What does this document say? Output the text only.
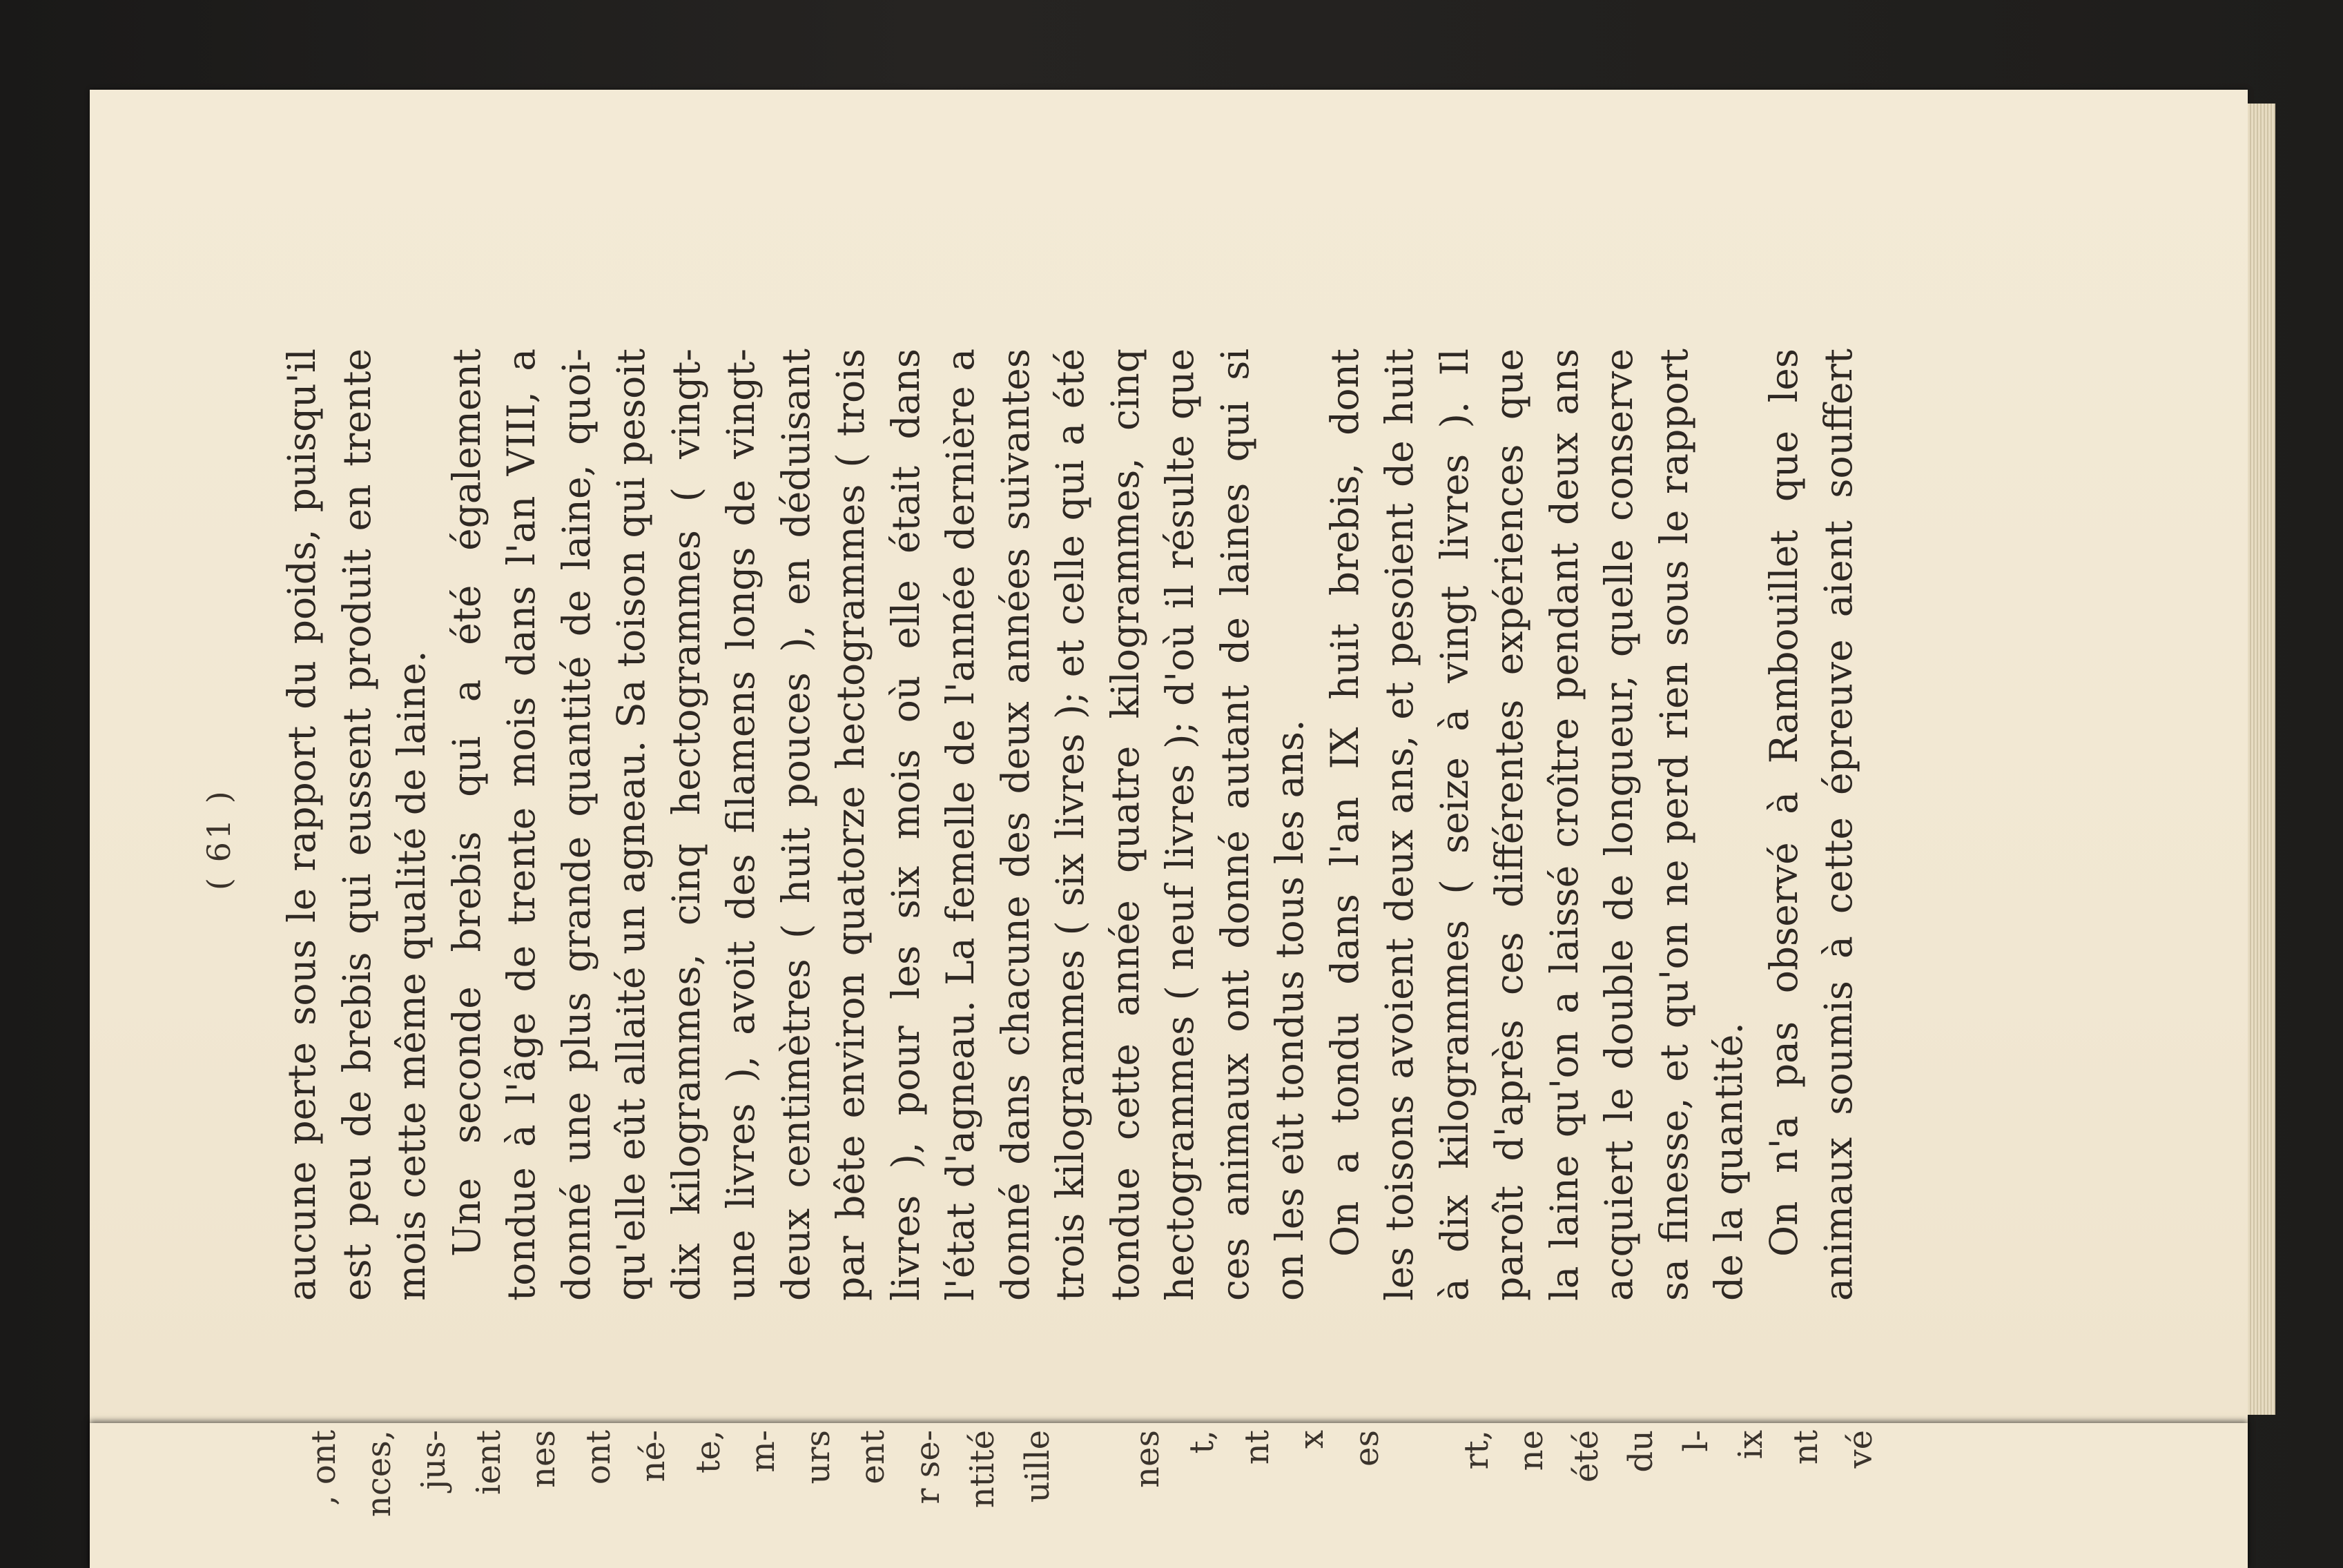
( 61 ) aucune perte sous le rapport du poids, puisqu'il est peu de brebis qui eussent produit en trente mois cette même qualité de laine. Une seconde brebis qui a été également tondue à l'âge de trente mois dans l'an VIII, a donné une plus grande quantité de laine, quoi- qu'elle eût allaité un agneau. Sa toison qui pesoit dix kilogrammes, cinq hectogrammes ( vingt- une livres ), avoit des filamens longs de vingt- deux centimètres ( huit pouces ), en déduisant par bête environ quatorze hectogrammes ( trois livres ), pour les six mois où elle était dans l'état d'agneau. La femelle de l'année dernière a donné dans chacune des deux années suivantes trois kilogrammes ( six livres ); et celle qui a été tondue cette année quatre kilogrammes, cinq hectogrammes ( neuf livres ); d'où il résulte que ces animaux ont donné autant de laines qui si on les eût tondus tous les ans. On a tondu dans l'an IX huit brebis, dont les toisons avoient deux ans, et pesoient de huit à dix kilogrammes ( seize à vingt livres ). Il paroît d'après ces différentes expériences que la laine qu'on a laissé croître pendant deux ans acquiert le double de longueur, quelle conserve sa finesse, et qu'on ne perd rien sous le rapport de la quantité. On n'a pas observé à Rambouillet que les animaux soumis à cette épreuve aient souffert
, ont nces, jus- ient nes ont né- te, m- urs ent r se- ntité uille nes t, nt x es rt, ne été du l- ix nt vé
